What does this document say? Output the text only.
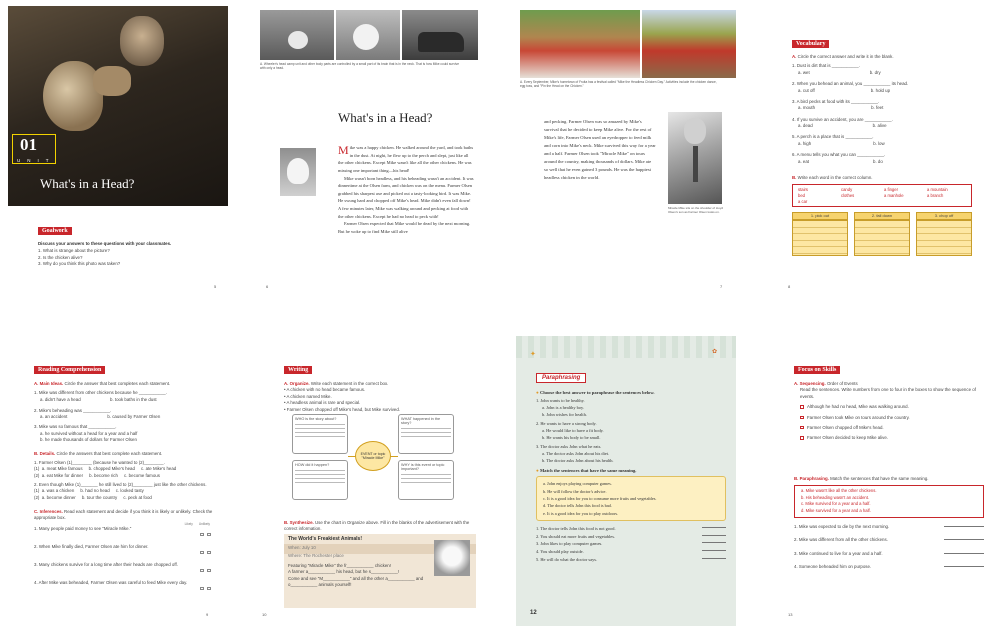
01
UNIT
What's in a Head?
Goalwork
Discuss your answers to these questions with your classmates.
1. What is strange about the picture?
2. Is the chicken alive?
3. Why do you think this photo was taken?
5
A. Wheeler's head camp unit and other body parts are controlled by a small part of its brain that is in the neck. That is how Mike could survive with only a head.
What's in a Head?
M ike was a happy chicken. He walked around the yard, and took baths in the dust. At night, he flew up to the perch and slept, just like all the other chickens. Except Mike wasn't like all the other chickens. He was missing one important thing—his head!

Mike wasn't born headless, and his beheading wasn't an accident. It was dinnertime at the Olsen farm, and chicken was on the menu. Farmer Olsen grabbed his sharpest axe and picked out a tasty-looking bird. It was Mike. He swung hard and chopped off Mike's head. Mike didn't even fall down! A few minutes later, Mike was walking around and pecking at food with the other chickens. Except he had no head to peck with!

Farmer Olsen expected that Mike would be dead by the next morning. But he woke up to find Mike still alive

6
A. Every September, Mike's hometown of Fruita has a festival called "Mike the Headless Chicken Day." Activities include the chicken dance, egg toss, and "Pin the Head on the Chicken."
and pecking. Farmer Olsen was so amazed by Mike's survival that he decided to keep Mike alive. For the rest of Mike's life, Farmer Olsen used an eyedropper to feed milk and corn into Mike's neck. Mike survived this way for a year and a half. Farmer Olsen took "Miracle Mike" on tours around the country, making thousands of dollars. Mike ate so well that he even gained 3 pounds. He was the happiest headless chicken in the world.
Miracle Mike sits on the shoulder of Lloyd Olsen's son as Farmer Olsen looks on.
7
Vocabulary
A. Circle the correct answer and write it in the blank.
1. Dust is dirt that is ___________.
a. wet	b. dry
2. When you behead an animal, you ___________ its head.
a. cut off	b. hold up
3. A bird pecks at food with its ___________.
a. mouth	b. feet
4. If you survive an accident, you are ___________.
a. dead	b. alive
5. A perch is a place that is ___________.
a. high	b. low
6. A menu tells you what you can ___________.
a. eat	b. do
B. Write each word in the correct column.
stairs	candy	a finger	a mountain
bed	clothes	a manhole	a branch
a car
1. pick out	2. fall down	3. chop off
8
Reading Comprehension
A. Main Ideas. Circle the answer that best completes each statement.
1. Mike was different from other chickens because he ___________.
a. didn't have a head	b. took baths in the dust
2. Mike's beheading was ___________.
a. an accident	b. caused by Farmer Olsen
3. Mike was so famous that ___________.
a. he survived without a head for a year and a half
b. he made thousands of dollars for Farmer Olsen
B. Details. Circle the answers that best complete each statement.
1. Farmer Olsen (1)________ (because he wanted to (2)________.
(1)  a. meat Mike famous     b. chopped Mike's head     c. ate Mike's head
(2)  a. eat Mike for dinner     b. become rich     c. become famous
2. Even though Mike (1)_______ he still lived to (2)________ just like the other chickens.
(1)  a. was a chicken     b. had no head     c. looked tasty
(2)  a. become dinner     b. tour the country     c. peck at food
C. Inferences. Read each statement and decide if you think it is likely or unlikely. Check the appropriate box.
Likely Unlikely
1. Many people paid money to see "Miracle Mike."
2. When Mike finally died, Farmer Olsen ate him for dinner.
3. Many chickens survive for a long time after their heads are chopped off.
4. After Mike was beheaded, Farmer Olsen was careful to feed Mike every day.
9
Writing
A. Organize. Write each statement in the correct box.
• A chicken with no head became famous.
• A chicken named Mike.
• A headless animal is rare and special.
• Farmer Olsen chopped off Mike's head, but Mike survived.
WHO is the story about?	WHAT happened in the story?
HOW did it happen?	WHY is this event or topic important?
EVENT or topic "Miracle Mike"
B. Synthesize. Use the chart in Organize above. Fill in the blanks of the advertisement with the correct information.
The World's Freakiest Animals!
When: July 10
Where: The Rochester place
Featuring "Miracle Mike" the fr___________ chicken!
A farmer a___________ his head, but he s___________!
Come and see "M___________" and all the other a___________ and
o___________ animals yourself!
10
✦	✿
Paraphrasing
● Choose the best answer to paraphrase the sentences below.
1. John wants to be healthy.
a. John is a healthy boy.
b. John wishes for health.
2. He wants to have a strong body.
a. He would like to have a fit body.
b. He wants his body to be small.
3. The doctor asks John what he eats.
a. The doctor asks John about his diet.
b. The doctor asks John about his health.
● Match the sentences that have the same meaning.
a. John enjoys playing computer games.
b. He will follow the doctor's advice.
c. It is a good idea for you to consume more fruits and vegetables.
d. The doctor tells John this food is bad.
e. It is a good idea for you to play outdoors.
1. The doctor tells John this food is not good.
2. You should eat more fruits and vegetables.
3. John likes to play computer games.
4. You should play outside.
5. He will do what the doctor says.
12
Focus on Skills
A. Sequencing. Order of Events
Read the sentences. Write numbers from one to four in the boxes to show the sequence of events.
Although he had no head, Mike was walking around.
Farmer Olsen took Mike on tours around the country.
Farmer Olsen chopped off Mike's head.
Farmer Olsen decided to keep Mike alive.
B. Paraphrasing. Match the sentences that have the same meaning.
a. Mike wasn't like all the other chickens.
b. His beheading wasn't an accident.
c. Mike survived for a year and a half.
d. Mike survived for a year and a half.
1. Mike was expected to die by the next morning.
2. Mike was different from all the other chickens.
3. Mike continued to live for a year and a half.
4. Someone beheaded him on purpose.
13
